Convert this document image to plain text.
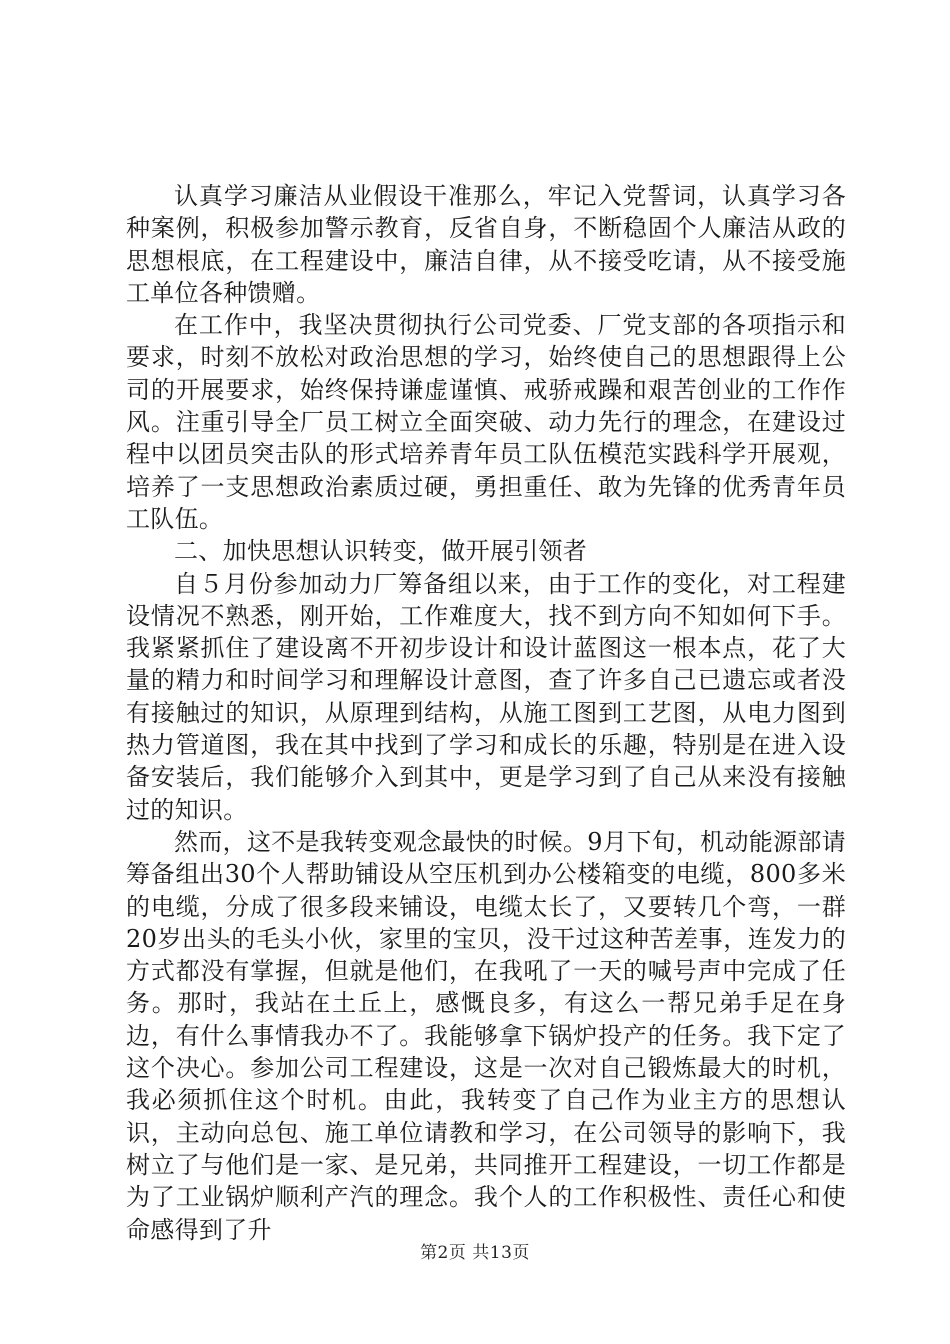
认真学习廉洁从业假设干准那么，牢记入党誓词，认真学习各种案例，积极参加警示教育，反省自身，不断稳固个人廉洁从政的思想根底，在工程建设中，廉洁自律，从不接受吃请，从不接受施工单位各种馈赠。

在工作中，我坚决贯彻执行公司党委、厂党支部的各项指示和要求，时刻不放松对政治思想的学习，始终使自己的思想跟得上公司的开展要求，始终保持谦虚谨慎、戒骄戒躁和艰苦创业的工作作风。注重引导全厂员工树立全面突破、动力先行的理念，在建设过程中以团员突击队的形式培养青年员工队伍模范实践科学开展观，培养了一支思想政治素质过硬，勇担重任、敢为先锋的优秀青年员工队伍。

二、加快思想认识转变，做开展引领者

自５月份参加动力厂筹备组以来，由于工作的变化，对工程建设情况不熟悉，刚开始，工作难度大，找不到方向不知如何下手。我紧紧抓住了建设离不开初步设计和设计蓝图这一根本点，花了大量的精力和时间学习和理解设计意图，查了许多自己已遗忘或者没有接触过的知识，从原理到结构，从施工图到工艺图，从电力图到热力管道图，我在其中找到了学习和成长的乐趣，特别是在进入设备安装后，我们能够介入到其中，更是学习到了自己从来没有接触过的知识。

然而，这不是我转变观念最快的时候。9月下旬，机动能源部请筹备组出30个人帮助铺设从空压机到办公楼箱变的电缆，800多米的电缆，分成了很多段来铺设，电缆太长了，又要转几个弯，一群20岁出头的毛头小伙，家里的宝贝，没干过这种苦差事，连发力的方式都没有掌握，但就是他们，在我吼了一天的喊号声中完成了任务。那时，我站在土丘上，感慨良多，有这么一帮兄弟手足在身边，有什么事情我办不了。我能够拿下锅炉投产的任务。我下定了这个决心。参加公司工程建设，这是一次对自己锻炼最大的时机，我必须抓住这个时机。由此，我转变了自己作为业主方的思想认识，主动向总包、施工单位请教和学习，在公司领导的影响下，我树立了与他们是一家、是兄弟，共同推开工程建设，一切工作都是为了工业锅炉顺利产汽的理念。我个人的工作积极性、责任心和使命感得到了升

第2页 共13页
